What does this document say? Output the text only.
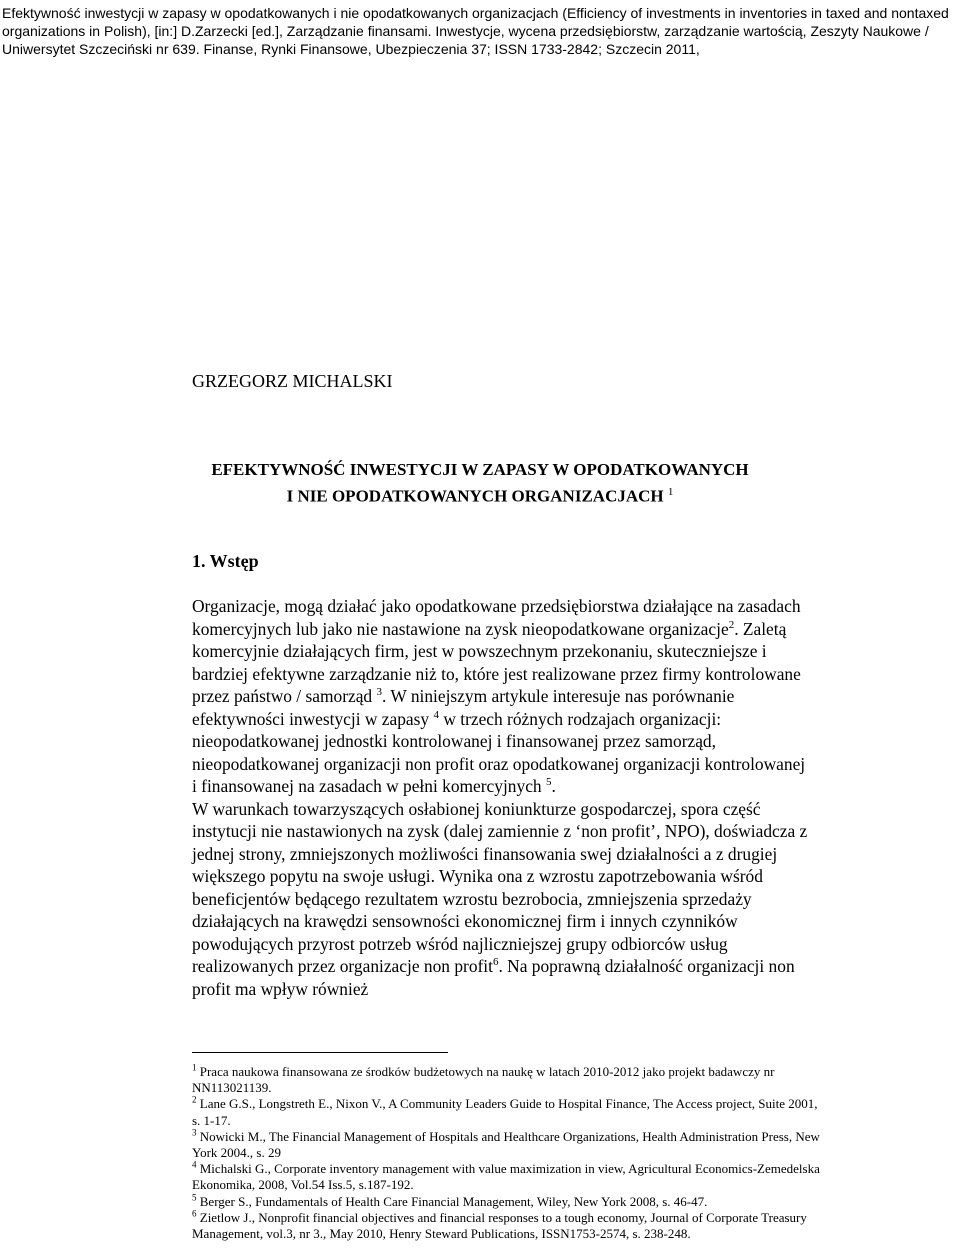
Efektywność inwestycji w zapasy w opodatkowanych i nie opodatkowanych organizacjach (Efficiency of investments in inventories in taxed and nontaxed
organizations in Polish), [in:] D.Zarzecki [ed.], Zarządzanie finansami. Inwestycje, wycena przedsiębiorstw, zarządzanie wartością, Zeszyty Naukowe /
Uniwersytet Szczeciński nr 639. Finanse, Rynki Finansowe, Ubezpieczenia 37; ISSN 1733-2842; Szczecin 2011,
GRZEGORZ MICHALSKI
EFEKTYWNOŚĆ INWESTYCJI W ZAPASY W OPODATKOWANYCH
I NIE OPODATKOWANYCH ORGANIZACJACH $^1$
1. Wstęp

Organizacje, mogą działać jako opodatkowane przedsiębiorstwa działające na zasadach komercyjnych lub jako nie nastawione na zysk nieopodatkowane organizacje$^2$. Zaletą komercyjnie działających firm, jest w powszechnym przekonaniu, skuteczniejsze i bardziej efektywne zarządzanie niż to, które jest realizowane przez firmy kontrolowane przez państwo / samorząd $^3$. W niniejszym artykule interesuje nas porównanie efektywności inwestycji w zapasy $^4$ w trzech różnych rodzajach organizacji: nieopodatkowanej jednostki kontrolowanej i finansowanej przez samorząd, nieopodatkowanej organizacji non profit oraz opodatkowanej organizacji kontrolowanej i finansowanej na zasadach w pełni komercyjnych $^5$.

W warunkach towarzyszących osłabionej koniunkturze gospodarczej, spora część instytucji nie nastawionych na zysk (dalej zamiennie z ‘non profit’, NPO), doświadcza z jednej strony, zmniejszonych możliwości finansowania swej działalności a z drugiej większego popytu na swoje usługi. Wynika ona z wzrostu zapotrzebowania wśród beneficjentów będącego rezultatem wzrostu bezrobocia, zmniejszenia sprzedaży działających na krawędzi sensowności ekonomicznej firm i innych czynników powodujących przyrost potrzeb wśród najliczniejszej grupy odbiorców usług realizowanych przez organizacje non profit$^6$. Na poprawną działalność organizacji non profit ma wpływ również

$^1$ Praca naukowa finansowana ze środków budżetowych na naukę w latach 2010-2012 jako projekt badawczy nr NN113021139.

$^2$ Lane G.S., Longstreth E., Nixon V., A Community Leaders Guide to Hospital Finance, The Access project, Suite 2001, s. 1-17.

$^3$ Nowicki M., The Financial Management of Hospitals and Healthcare Organizations, Health Administration Press, New York 2004., s. 29

$^4$ Michalski G., Corporate inventory management with value maximization in view, Agricultural Economics-Zemedelska Ekonomika, 2008, Vol.54 Iss.5, s.187-192.

$^5$ Berger S., Fundamentals of Health Care Financial Management, Wiley, New York 2008, s. 46-47.

$^6$ Zietlow J., Nonprofit financial objectives and financial responses to a tough economy, Journal of Corporate Treasury Management, vol.3, nr 3., May 2010, Henry Steward Publications, ISSN1753-2574, s. 238-248.
